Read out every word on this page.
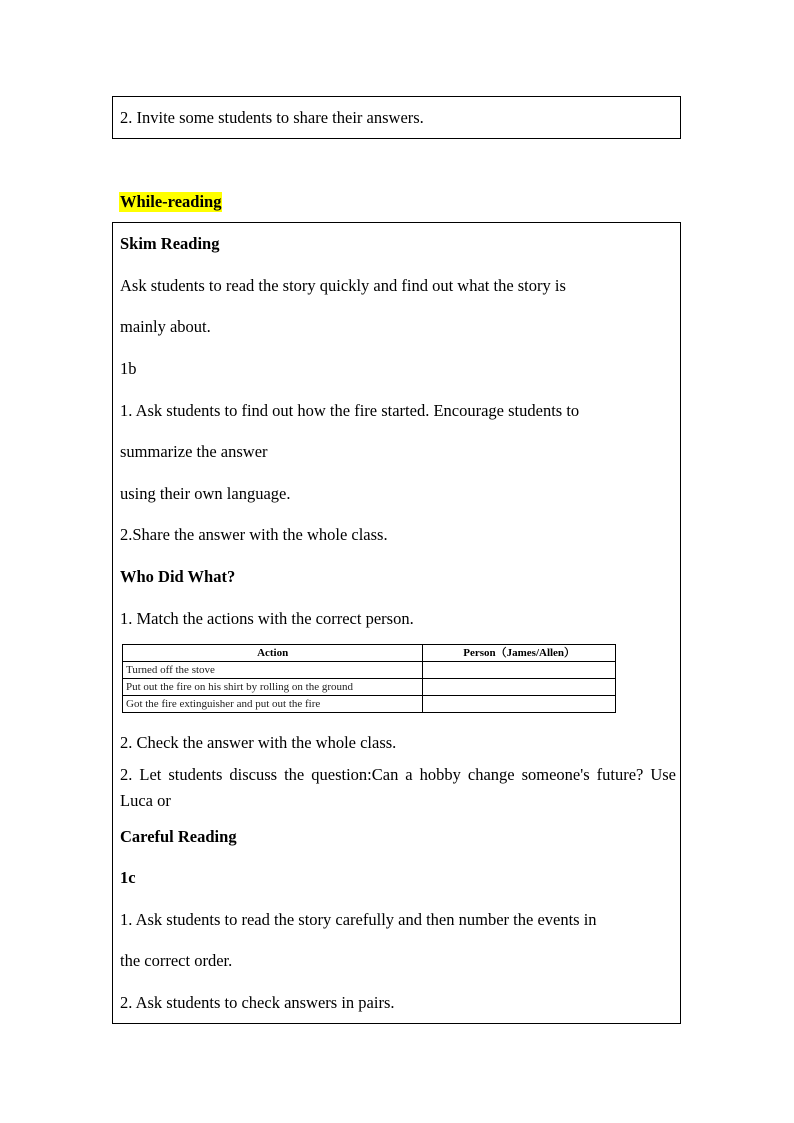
2. Invite some students to share their answers.
While-reading
Skim Reading
Ask students to read the story quickly and find out what the story is
mainly about.
1b
1. Ask students to find out how the fire started. Encourage students to
summarize the answer
using their own language.
2.Share the answer with the whole class.
Who Did What?
1. Match the actions with the correct person.
Action	Person（James/Allen）
Turned off the stove	
Put out the fire on his shirt by rolling on the ground	
Got the fire extinguisher and put out the fire	
2. Check the answer with the whole class.
2. Let students discuss the question:Can a hobby change someone's future? Use Luca or
Careful Reading
1c
1. Ask students to read the story carefully and then number the events in
the correct order.
2. Ask students to check answers in pairs.
